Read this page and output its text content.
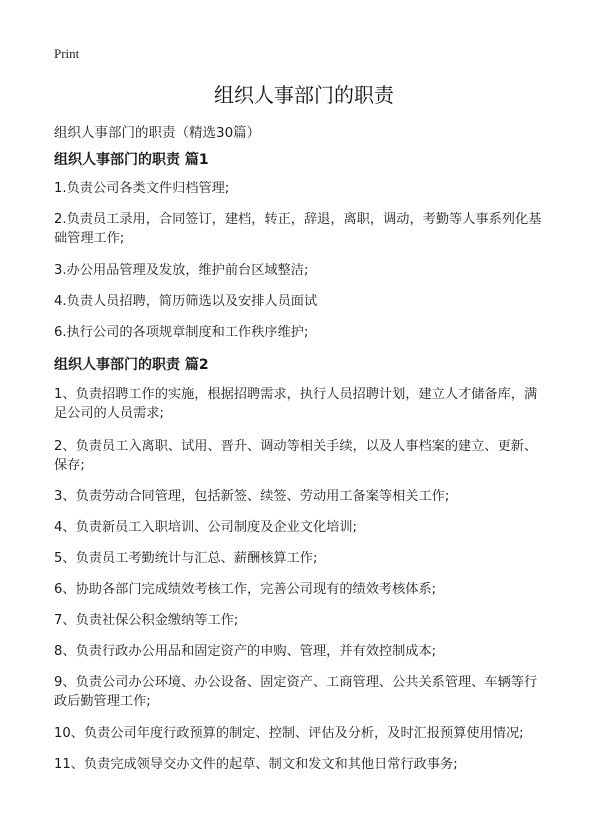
Print
组织人事部门的职责

组织人事部门的职责（精选30篇）

组织人事部门的职责 篇1

1.负责公司各类文件归档管理;

2.负责员工录用，合同签订，建档，转正，辞退，离职，调动，考勤等人事系列化基础管理工作;

3.办公用品管理及发放，维护前台区域整洁;

4.负责人员招聘，简历筛选以及安排人员面试

6.执行公司的各项规章制度和工作秩序维护;

组织人事部门的职责 篇2

1、负责招聘工作的实施，根据招聘需求，执行人员招聘计划，建立人才储备库，满足公司的人员需求;

2、负责员工入离职、试用、晋升、调动等相关手续，以及人事档案的建立、更新、保存;

3、负责劳动合同管理，包括新签、续签、劳动用工备案等相关工作;

4、负责新员工入职培训、公司制度及企业文化培训;

5、负责员工考勤统计与汇总、薪酬核算工作;

6、协助各部门完成绩效考核工作，完善公司现有的绩效考核体系;

7、负责社保公积金缴纳等工作;

8、负责行政办公用品和固定资产的申购、管理，并有效控制成本;

9、负责公司办公环境、办公设备、固定资产、工商管理、公共关系管理、车辆等行政后勤管理工作;

10、负责公司年度行政预算的制定、控制、评估及分析，及时汇报预算使用情况;

11、负责完成领导交办文件的起草、制文和发文和其他日常行政事务;
